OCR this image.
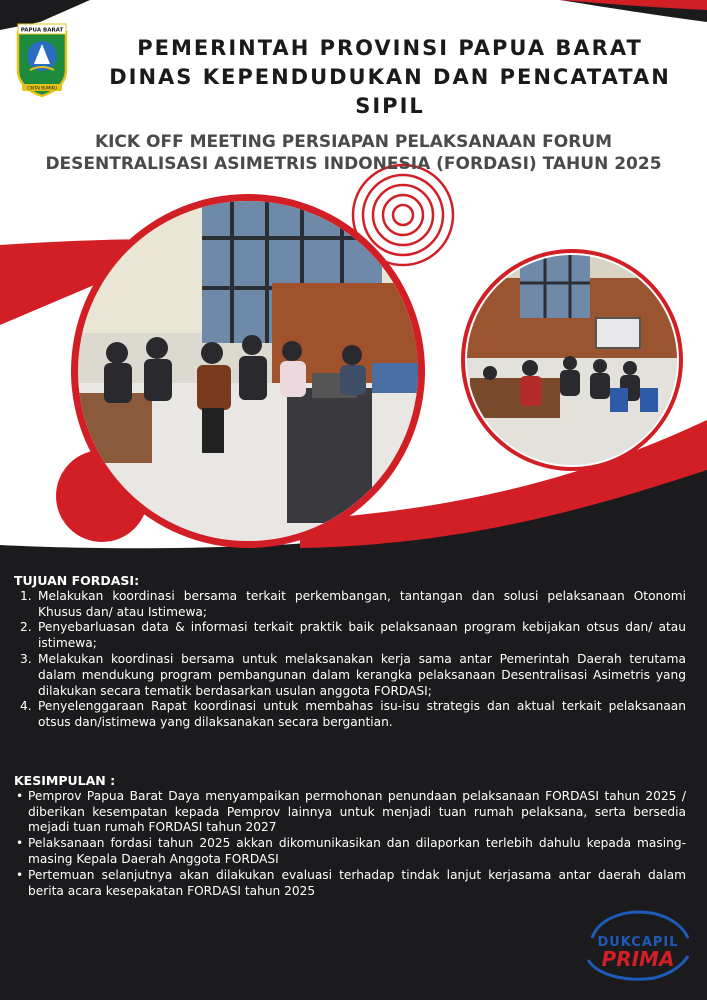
PAPUA BARAT
CINTAI BUMIKU
PEMERINTAH PROVINSI PAPUA BARAT
DINAS KEPENDUDUKAN DAN PENCATATAN SIPIL
KICK OFF MEETING PERSIAPAN PELAKSANAAN FORUM
DESENTRALISASI ASIMETRIS INDONESIA (FORDASI) TAHUN 2025
TUJUAN FORDASI:
1. Melakukan koordinasi bersama terkait perkembangan, tantangan dan solusi pelaksanaan Otonomi Khusus dan/ atau Istimewa;
2. Penyebarluasan data & informasi terkait praktik baik pelaksanaan program kebijakan otsus dan/ atau istimewa;
3. Melakukan koordinasi bersama untuk melaksanakan kerja sama antar Pemerintah Daerah terutama dalam mendukung program pembangunan dalam kerangka pelaksanaan Desentralisasi Asimetris yang dilakukan secara tematik berdasarkan usulan anggota FORDASI;
4. Penyelenggaraan Rapat koordinasi untuk membahas isu-isu strategis dan aktual terkait pelaksanaan otsus dan/istimewa yang dilaksanakan secara bergantian.
KESIMPULAN :
• Pemprov Papua Barat Daya menyampaikan permohonan penundaan pelaksanaan FORDASI tahun 2025 / diberikan kesempatan kepada Pemprov lainnya untuk menjadi tuan rumah pelaksana, serta bersedia mejadi tuan rumah FORDASI tahun 2027
• Pelaksanaan fordasi tahun 2025 akkan dikomunikasikan dan dilaporkan terlebih dahulu kepada masing-masing Kepala Daerah Anggota FORDASI
• Pertemuan selanjutnya akan dilakukan evaluasi terhadap tindak lanjut kerjasama antar daerah dalam berita acara kesepakatan FORDASI tahun 2025
DUKCAPIL
PRIMA
